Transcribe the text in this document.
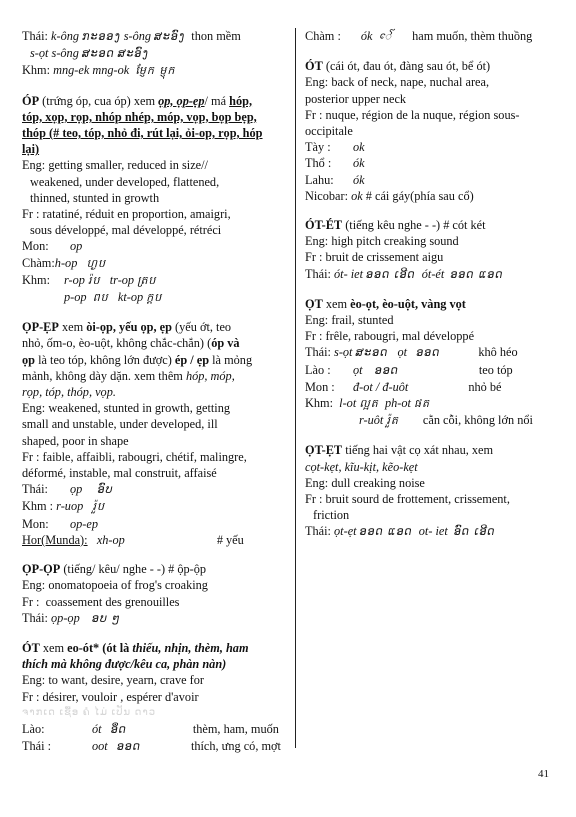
Thái: k-ông ກະອອງ s-ông ສະອົງ thon mềm
s-ọt s-ông ສະອດ ສະອົງ
Khm: mng-ek mng-ok ម្ញែក ម្ញុក
ÓP (trứng óp, cua óp) xem ọp, ọp-ẹp/ má hóp,
tóp, xọp, rọp, nhóp nhép, móp, vọp, bọp bẹp,
thóp (# teo, tóp, nhỏ đi, rút lại, ỏi-op, rọp, hóp
lại)
Eng: getting smaller, reduced in size//
weakened, under developed, flattened,
thinned, stunted in growth
Fr : ratatiné, réduit en proportion, amaigri,
sous développé, mal développé, rétréci
Mon: op
Chàm:h-op ហ្ងប
Khm: r-op រ៉ប tr-op ត្រប
p-op ពប kt-op ក្ដប
ỌP-ẸP xem òi-ọp, yếu ọp, ẹp (yếu ớt, teo
nhỏ, ốm-o, èo-uột, không chắc-chắn) (óp và
ọp là teo tóp, không lớn được) ép / ẹp là mỏng
mảnh, không dày dặn. xem thêm hóp, móp,
rọp, tóp, thóp, vọp.
Eng: weakened, stunted in growth, getting
small and unstable, under developed, ill
shaped, poor in shape
Fr : faible, affaibli, rabougri, chétif, malingre,
déformé, instable, mal construit, affaisé
Thái: ọp ອົບ
Khm : r-uop រ៉ួប
Mon: op-ep
Hor(Munda): xh-op	# yếu
ỌP-ỌP (tiếng/ kêu/ nghe - -) # ộp-ộp
Eng: onomatopoeia of frog's croaking
Fr : coassement des grenouilles
Thái: ọp-ọp ອບ ໆ
ÓT xem eo-ót* (ót là thiếu, nhịn, thèm, ham
thích mà không được/kêu ca, phàn nàn)
Eng: to want, desire, yearn, crave for
Fr : désirer, vouloir , espérer d'avoir
ຈາກເດ ເຊື້ອ ຄໍ ໄມ່ ເປັນ ດາວ
Lào:	ót ອຶດ	thèm, ham, muốn
Thái :	oot ອອດ	thích, ưng có, mợt
Chàm : ók ꨯꨱ ham muốn, thèm thuồng
ÓT (cái ót, đau ót, đàng sau ót, bể ót)
Eng: back of neck, nape, nuchal area,
posterior upper neck
Fr : nuque, région de la nuque, région sous-
occipitale
Tày : ok
Thổ : ók
Lahu: ók
Nicobar: ok # cái gáy(phía sau cổ)
ÓT-ÉT (tiếng kêu nghe - -) # cót két
Eng: high pitch creaking sound
Fr : bruit de crissement aigu
Thái: ót- iet ອອດ ເອີດ ót-ét ອອດ ແອດ
ỌT xem èo-ọt, èo-uột, vàng vọt
Eng: frail, stunted
Fr : frêle, rabougri, mal développé
Thái: s-ọt ສະອດ ọt ອອດ	khô héo
Lào : ọt ອອດ	teo tóp
Mon : đ-ot / đ-uôt	nhỏ bé
Khm: l-ot ល្អត ph-ot ផត
r-uôt រ៉ួត cằn cỗi, không lớn nổi
ỌT-ẸT tiếng hai vật cọ xát nhau, xem
cọt-kẹt, kĩu-kịt, kẽo-kẹt
Eng: dull creaking noise
Fr : bruit sourd de frottement, crissement,
friction
Thái: ọt-ẹt ອອດ ແອດ ot- iet ອົດ ເອີດ
41
